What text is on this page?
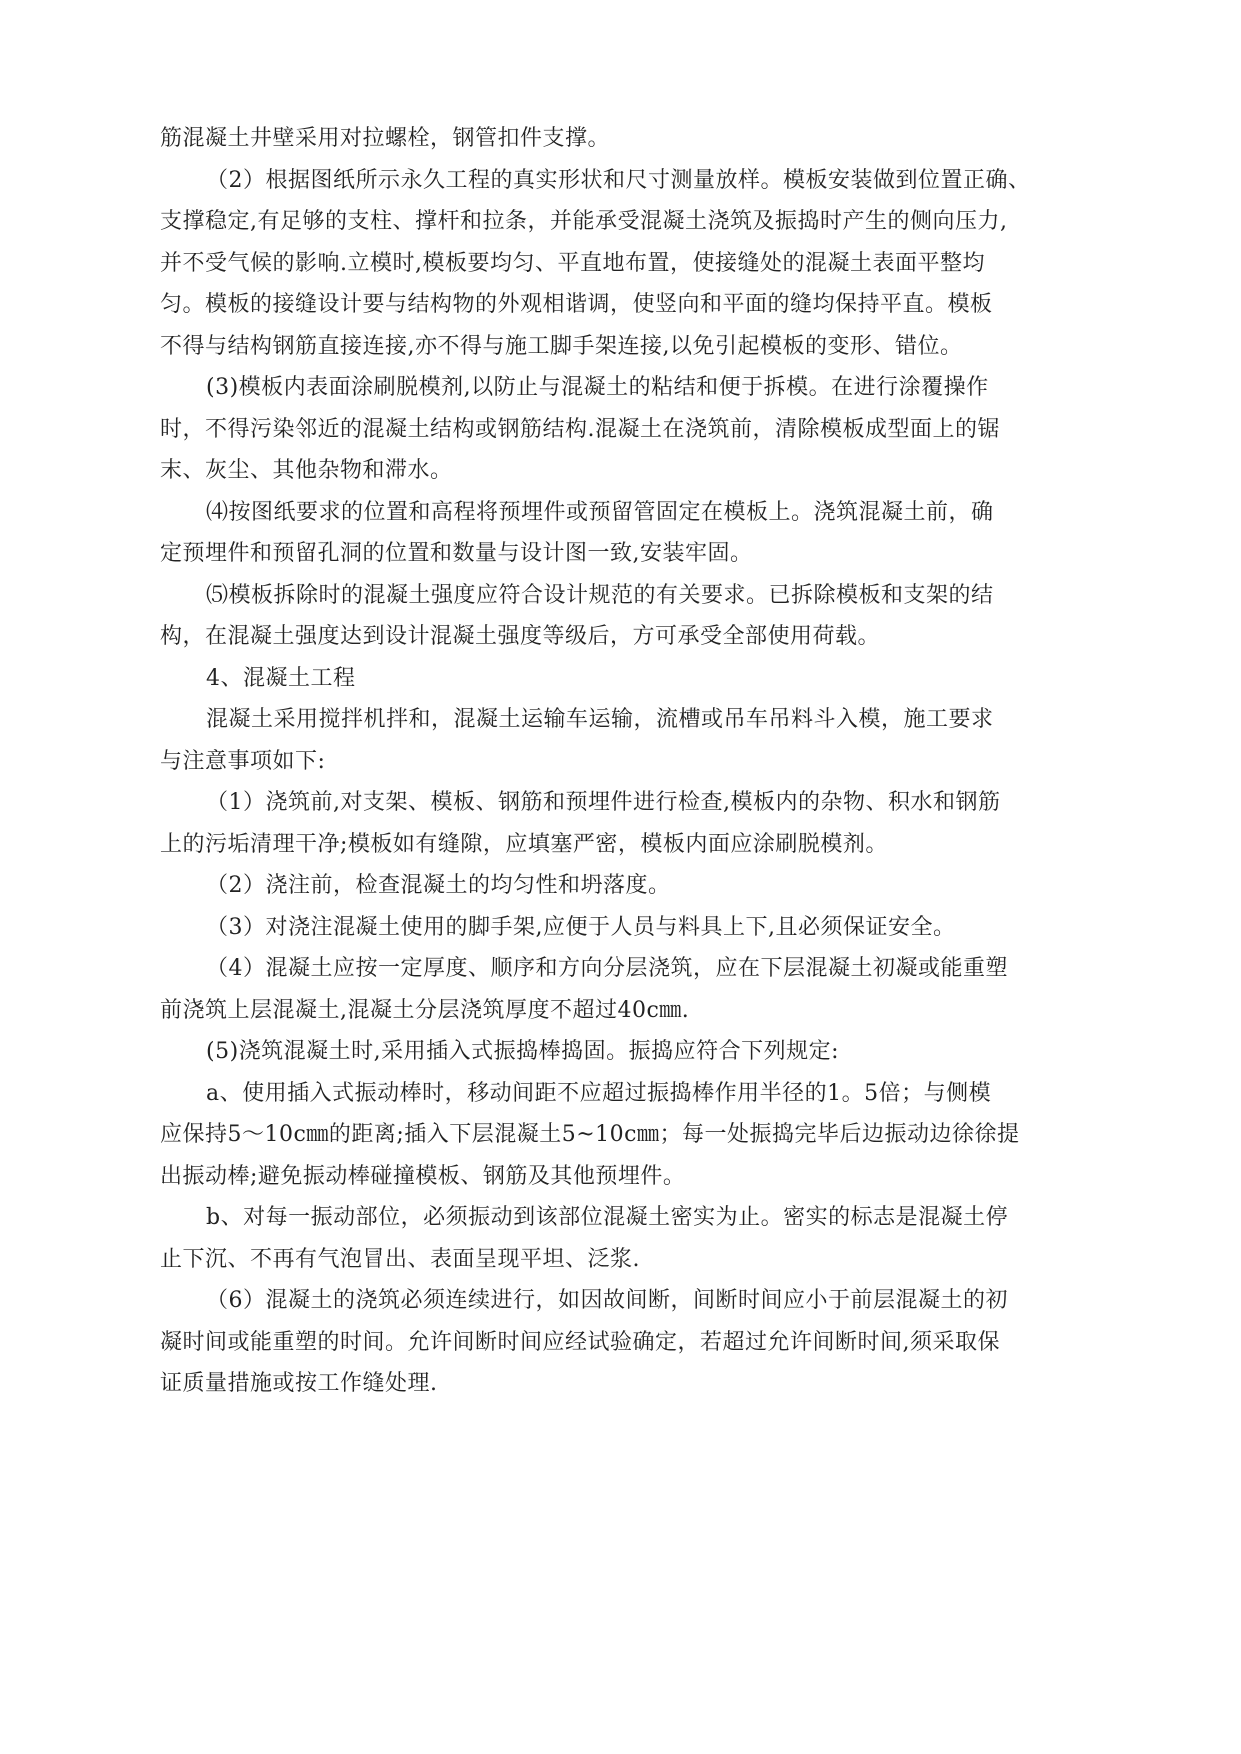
筋混凝土井壁采用对拉螺栓，钢管扣件支撑。
（2）根据图纸所示永久工程的真实形状和尺寸测量放样。模板安装做到位置正确、
支撑稳定,有足够的支柱、撑杆和拉条，并能承受混凝土浇筑及振捣时产生的侧向压力,
并不受气候的影响.立模时,模板要均匀、平直地布置，使接缝处的混凝土表面平整均
匀。模板的接缝设计要与结构物的外观相谐调，使竖向和平面的缝均保持平直。模板
不得与结构钢筋直接连接,亦不得与施工脚手架连接,以免引起模板的变形、错位。
(3)模板内表面涂刷脱模剂,以防止与混凝土的粘结和便于拆模。在进行涂覆操作
时，不得污染邻近的混凝土结构或钢筋结构.混凝土在浇筑前，清除模板成型面上的锯
末、灰尘、其他杂物和滞水。
⑷按图纸要求的位置和高程将预埋件或预留管固定在模板上。浇筑混凝土前，确
定预埋件和预留孔洞的位置和数量与设计图一致,安装牢固。
⑸模板拆除时的混凝土强度应符合设计规范的有关要求。已拆除模板和支架的结
构，在混凝土强度达到设计混凝土强度等级后，方可承受全部使用荷载。
4、混凝土工程
混凝土采用搅拌机拌和，混凝土运输车运输，流槽或吊车吊料斗入模，施工要求
与注意事项如下:
（1）浇筑前,对支架、模板、钢筋和预埋件进行检查,模板内的杂物、积水和钢筋
上的污垢清理干净;模板如有缝隙，应填塞严密，模板内面应涂刷脱模剂。
（2）浇注前，检查混凝土的均匀性和坍落度。
（3）对浇注混凝土使用的脚手架,应便于人员与料具上下,且必须保证安全。
（4）混凝土应按一定厚度、顺序和方向分层浇筑，应在下层混凝土初凝或能重塑
前浇筑上层混凝土,混凝土分层浇筑厚度不超过40c㎜.
(5)浇筑混凝土时,采用插入式振捣棒捣固。振捣应符合下列规定:
a、使用插入式振动棒时，移动间距不应超过振捣棒作用半径的1。5倍；与侧模
应保持5～10c㎜的距离;插入下层混凝土5~10c㎜；每一处振捣完毕后边振动边徐徐提
出振动棒;避免振动棒碰撞模板、钢筋及其他预埋件。
b、对每一振动部位，必须振动到该部位混凝土密实为止。密实的标志是混凝土停
止下沉、不再有气泡冒出、表面呈现平坦、泛浆.
（6）混凝土的浇筑必须连续进行，如因故间断，间断时间应小于前层混凝土的初
凝时间或能重塑的时间。允许间断时间应经试验确定，若超过允许间断时间,须采取保
证质量措施或按工作缝处理.
